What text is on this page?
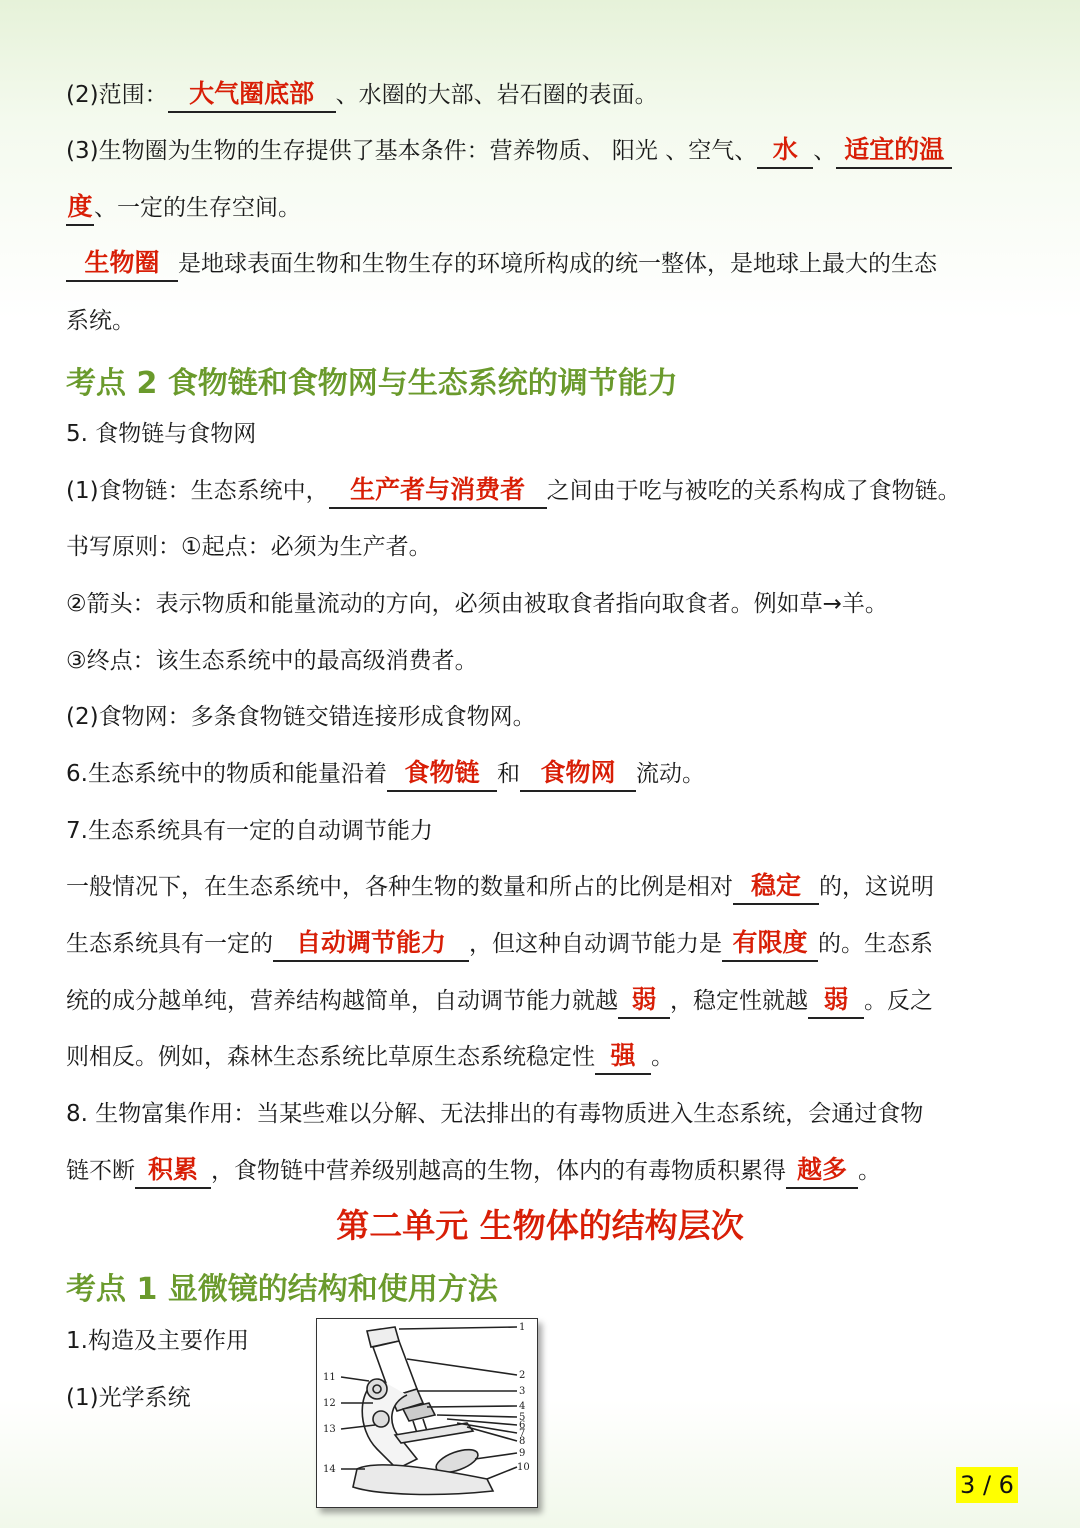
(2)范围： 大气圈底部 、水圈的大部、岩石圈的表面。
(3)生物圈为生物的生存提供了基本条件：营养物质、 阳光 、空气、 水 、 适宜的温
度、一定的生存空间。
生物圈 是地球表面生物和生物生存的环境所构成的统一整体，是地球上最大的生态
系统。
考点 2 食物链和食物网与生态系统的调节能力
5. 食物链与食物网
(1)食物链：生态系统中， 生产者与消费者 之间由于吃与被吃的关系构成了食物链。
书写原则：①起点：必须为生产者。
②箭头：表示物质和能量流动的方向，必须由被取食者指向取食者。例如草→羊。
③终点：该生态系统中的最高级消费者。
(2)食物网：多条食物链交错连接形成食物网。
6.生态系统中的物质和能量沿着 食物链 和 食物网 流动。
7.生态系统具有一定的自动调节能力
一般情况下，在生态系统中，各种生物的数量和所占的比例是相对 稳定 的，这说明
生态系统具有一定的 自动调节能力 ，但这种自动调节能力是 有限度 的。生态系
统的成分越单纯，营养结构越简单，自动调节能力就越 弱 ，稳定性就越 弱 。反之
则相反。例如，森林生态系统比草原生态系统稳定性 强 。
8. 生物富集作用：当某些难以分解、无法排出的有毒物质进入生态系统，会通过食物
链不断 积累 ，食物链中营养级别越高的生物，体内的有毒物质积累得 越多 。
第二单元 生物体的结构层次
考点 1 显微镜的结构和使用方法
1.构造及主要作用
(1)光学系统
1
2
3
4
5
6
7
8
9
10
11
12
13
14
3 / 6
